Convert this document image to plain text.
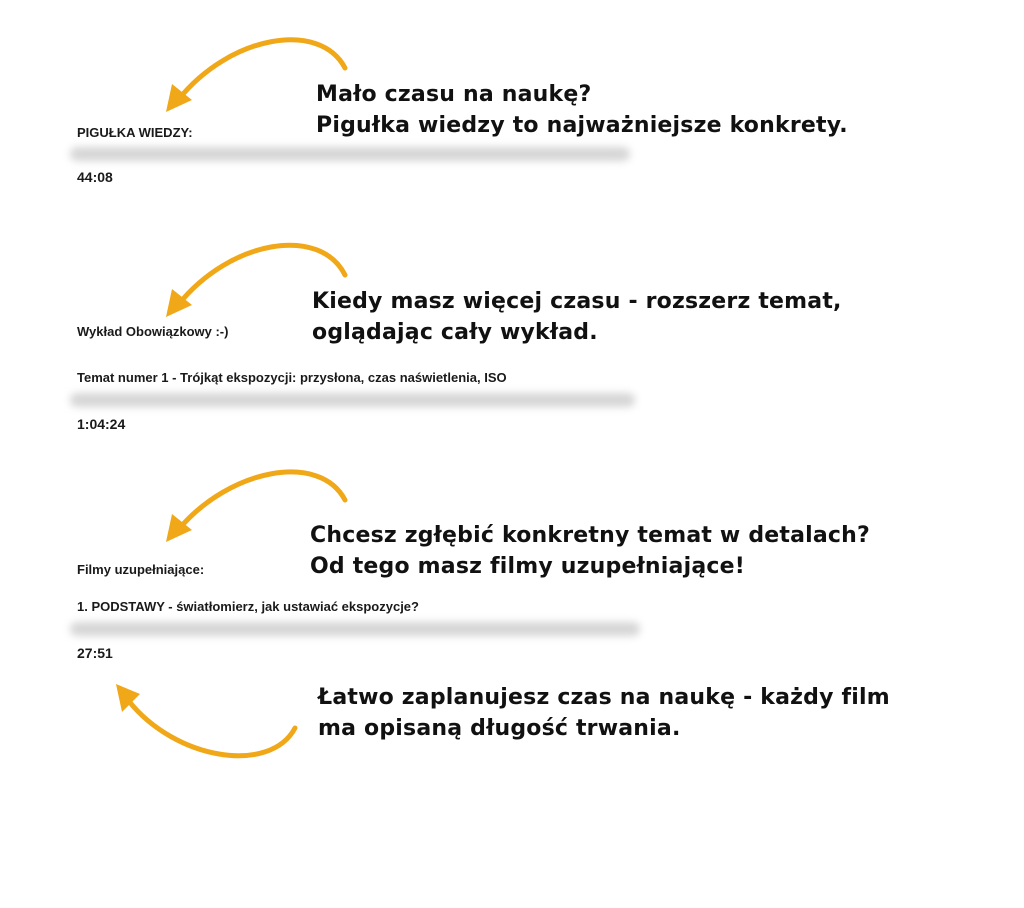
PIGUŁKA WIEDZY:
44:08
Mało czasu na naukę?
Pigułka wiedzy to najważniejsze konkrety.
Wykład Obowiązkowy :-)
Temat numer 1 - Trójkąt ekspozycji: przysłona, czas naświetlenia, ISO
1:04:24
Kiedy masz więcej czasu - rozszerz temat,
oglądając cały wykład.
Filmy uzupełniające:
1. PODSTAWY - światłomierz, jak ustawiać ekspozycje?
27:51
Chcesz zgłębić konkretny temat w detalach?
Od tego masz filmy uzupełniające!
Łatwo zaplanujesz czas na naukę - każdy film
ma opisaną długość trwania.
